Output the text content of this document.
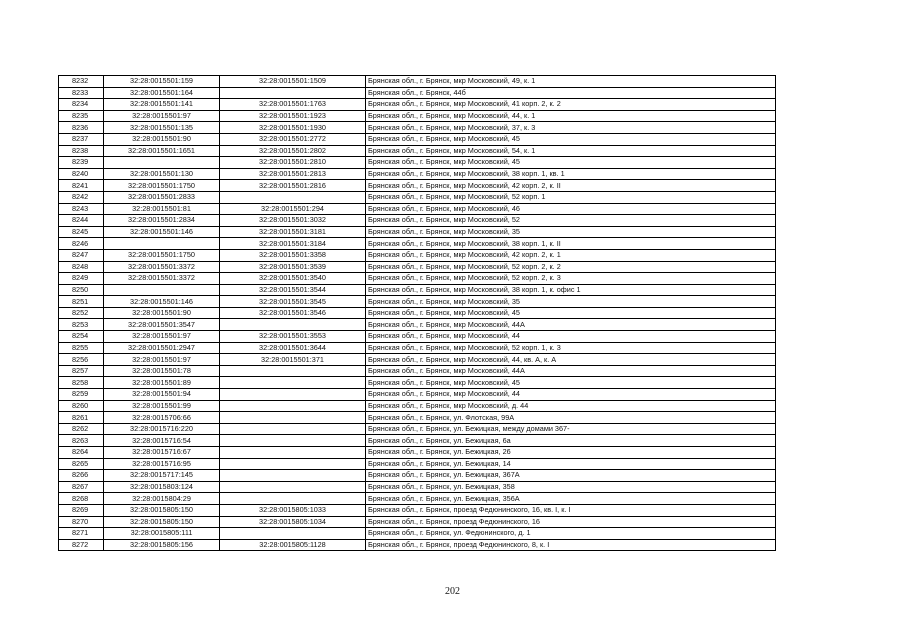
8232	32:28:0015501:159	32:28:0015501:1509	Брянская обл., г. Брянск, мкр Московский, 49, к. 1
8233	32:28:0015501:164		Брянская обл., г. Брянск, 44б
8234	32:28:0015501:141	32:28:0015501:1763	Брянская обл., г. Брянск, мкр Московский, 41 корп. 2, к. 2
8235	32:28:0015501:97	32:28:0015501:1923	Брянская обл., г. Брянск, мкр Московский, 44, к. 1
8236	32:28:0015501:135	32:28:0015501:1930	Брянская обл., г. Брянск, мкр Московский, 37, к. 3
8237	32:28:0015501:90	32:28:0015501:2772	Брянская обл., г. Брянск, мкр Московский, 45
8238	32:28:0015501:1651	32:28:0015501:2802	Брянская обл., г. Брянск, мкр Московский, 54, к. 1
8239		32:28:0015501:2810	Брянская обл., г. Брянск, мкр Московский, 45
8240	32:28:0015501:130	32:28:0015501:2813	Брянская обл., г. Брянск, мкр Московский, 38 корп. 1, кв. 1
8241	32:28:0015501:1750	32:28:0015501:2816	Брянская обл., г. Брянск, мкр Московский, 42 корп. 2, к. II
8242	32:28:0015501:2833		Брянская обл., г. Брянск, мкр Московский, 52 корп. 1
8243	32:28:0015501:81	32:28:0015501:294	Брянская обл., г. Брянск, мкр Московский, 46
8244	32:28:0015501:2834	32:28:0015501:3032	Брянская обл., г. Брянск, мкр Московский, 52
8245	32:28:0015501:146	32:28:0015501:3181	Брянская обл., г. Брянск, мкр Московский, 35
8246		32:28:0015501:3184	Брянская обл., г. Брянск, мкр Московский, 38 корп. 1, к. II
8247	32:28:0015501:1750	32:28:0015501:3358	Брянская обл., г. Брянск, мкр Московский, 42 корп. 2, к. 1
8248	32:28:0015501:3372	32:28:0015501:3539	Брянская обл., г. Брянск, мкр Московский, 52 корп. 2, к. 2
8249	32:28:0015501:3372	32:28:0015501:3540	Брянская обл., г. Брянск, мкр Московский, 52 корп. 2, к. 3
8250		32:28:0015501:3544	Брянская обл., г. Брянск, мкр Московский, 38 корп. 1, к. офис 1
8251	32:28:0015501:146	32:28:0015501:3545	Брянская обл., г. Брянск, мкр Московский, 35
8252	32:28:0015501:90	32:28:0015501:3546	Брянская обл., г. Брянск, мкр Московский, 45
8253	32:28:0015501:3547		Брянская обл., г. Брянск, мкр Московский, 44А
8254	32:28:0015501:97	32:28:0015501:3553	Брянская обл., г. Брянск, мкр Московский, 44
8255	32:28:0015501:2947	32:28:0015501:3644	Брянская обл., г. Брянск, мкр Московский, 52 корп. 1, к. 3
8256	32:28:0015501:97	32:28:0015501:371	Брянская обл., г. Брянск, мкр Московский, 44, кв. А, к. А
8257	32:28:0015501:78		Брянская обл., г. Брянск, мкр Московский, 44А
8258	32:28:0015501:89		Брянская обл., г. Брянск, мкр Московский, 45
8259	32:28:0015501:94		Брянская обл., г. Брянск, мкр Московский, 44
8260	32:28:0015501:99		Брянская обл., г. Брянск, мкр Московский, д. 44
8261	32:28:0015706:66		Брянская обл., г. Брянск, ул. Флотская, 99А
8262	32:28:0015716:220		Брянская обл., г. Брянск, ул. Бежицкая, между домами 367-
8263	32:28:0015716:54		Брянская обл., г. Брянск, ул. Бежицкая, 6а
8264	32:28:0015716:67		Брянская обл., г. Брянск, ул. Бежицкая, 26
8265	32:28:0015716:95		Брянская обл., г. Брянск, ул. Бежицкая, 14
8266	32:28:0015717:145		Брянская обл., г. Брянск, ул. Бежицкая, 367А
8267	32:28:0015803:124		Брянская обл., г. Брянск, ул. Бежицкая, 358
8268	32:28:0015804:29		Брянская обл., г. Брянск, ул. Бежицкая, 356А
8269	32:28:0015805:150	32:28:0015805:1033	Брянская обл., г. Брянск, проезд Федюнинского, 16, кв. I, к. I
8270	32:28:0015805:150	32:28:0015805:1034	Брянская обл., г. Брянск, проезд Федюнинского, 16
8271	32:28:0015805:111		Брянская обл., г. Брянск, ул. Федюнинского, д. 1
8272	32:28:0015805:156	32:28:0015805:1128	Брянская обл., г. Брянск, проезд Федюнинского, 8, к. I
202
